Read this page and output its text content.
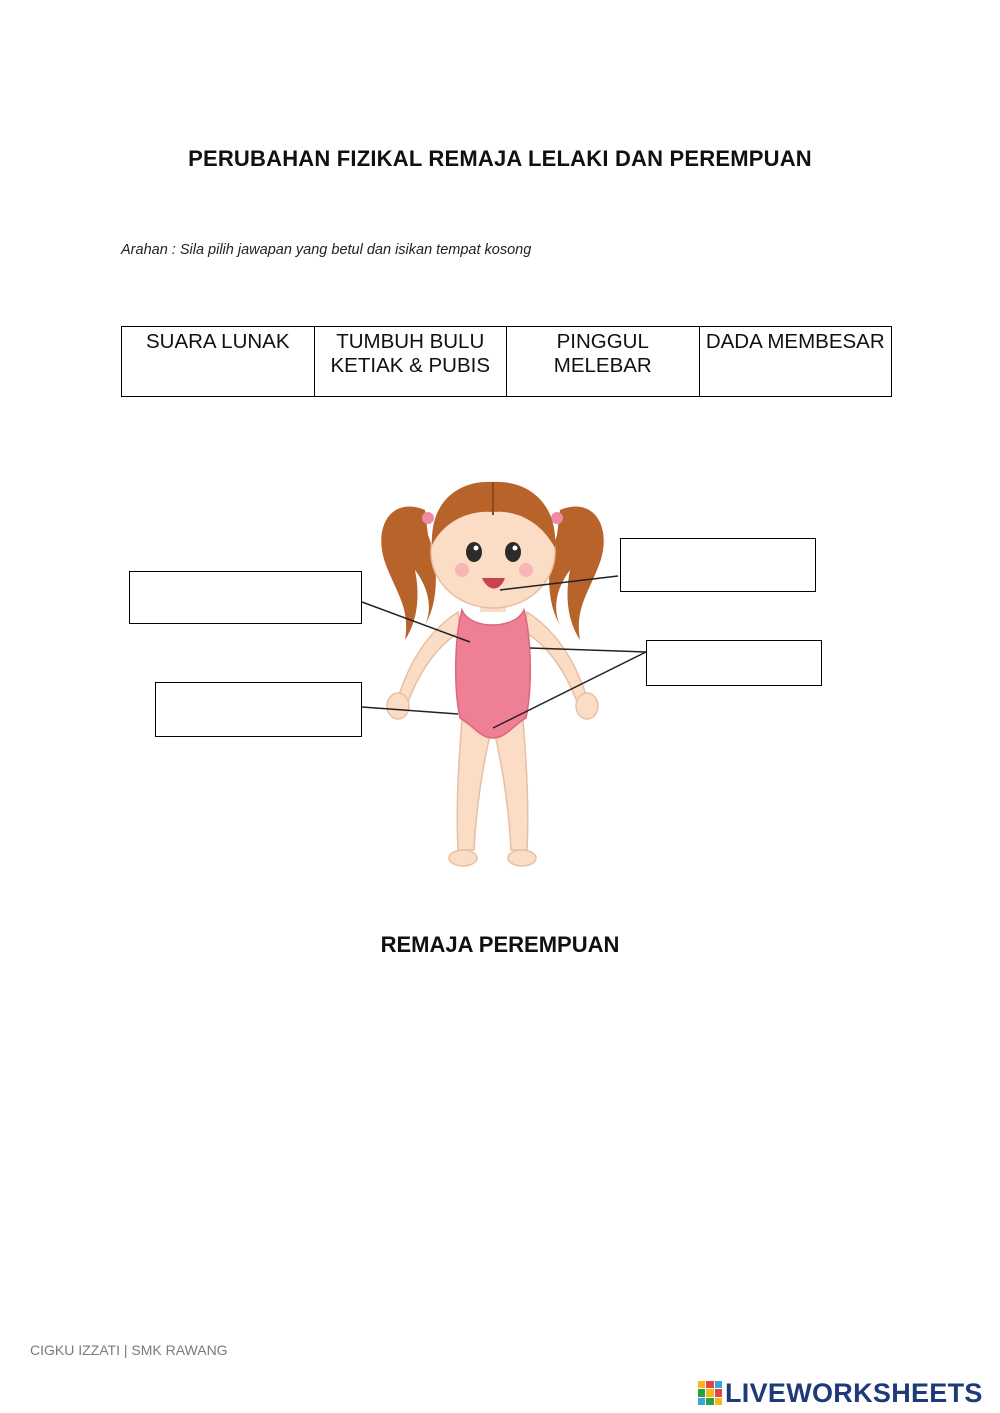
PERUBAHAN FIZIKAL REMAJA LELAKI DAN PEREMPUAN
Arahan : Sila pilih jawapan yang betul dan isikan tempat kosong
SUARA LUNAK	TUMBUH BULU KETIAK & PUBIS	PINGGUL MELEBAR	DADA MEMBESAR
REMAJA PEREMPUAN
CIGKU IZZATI | SMK RAWANG
LIVEWORKSHEETS
